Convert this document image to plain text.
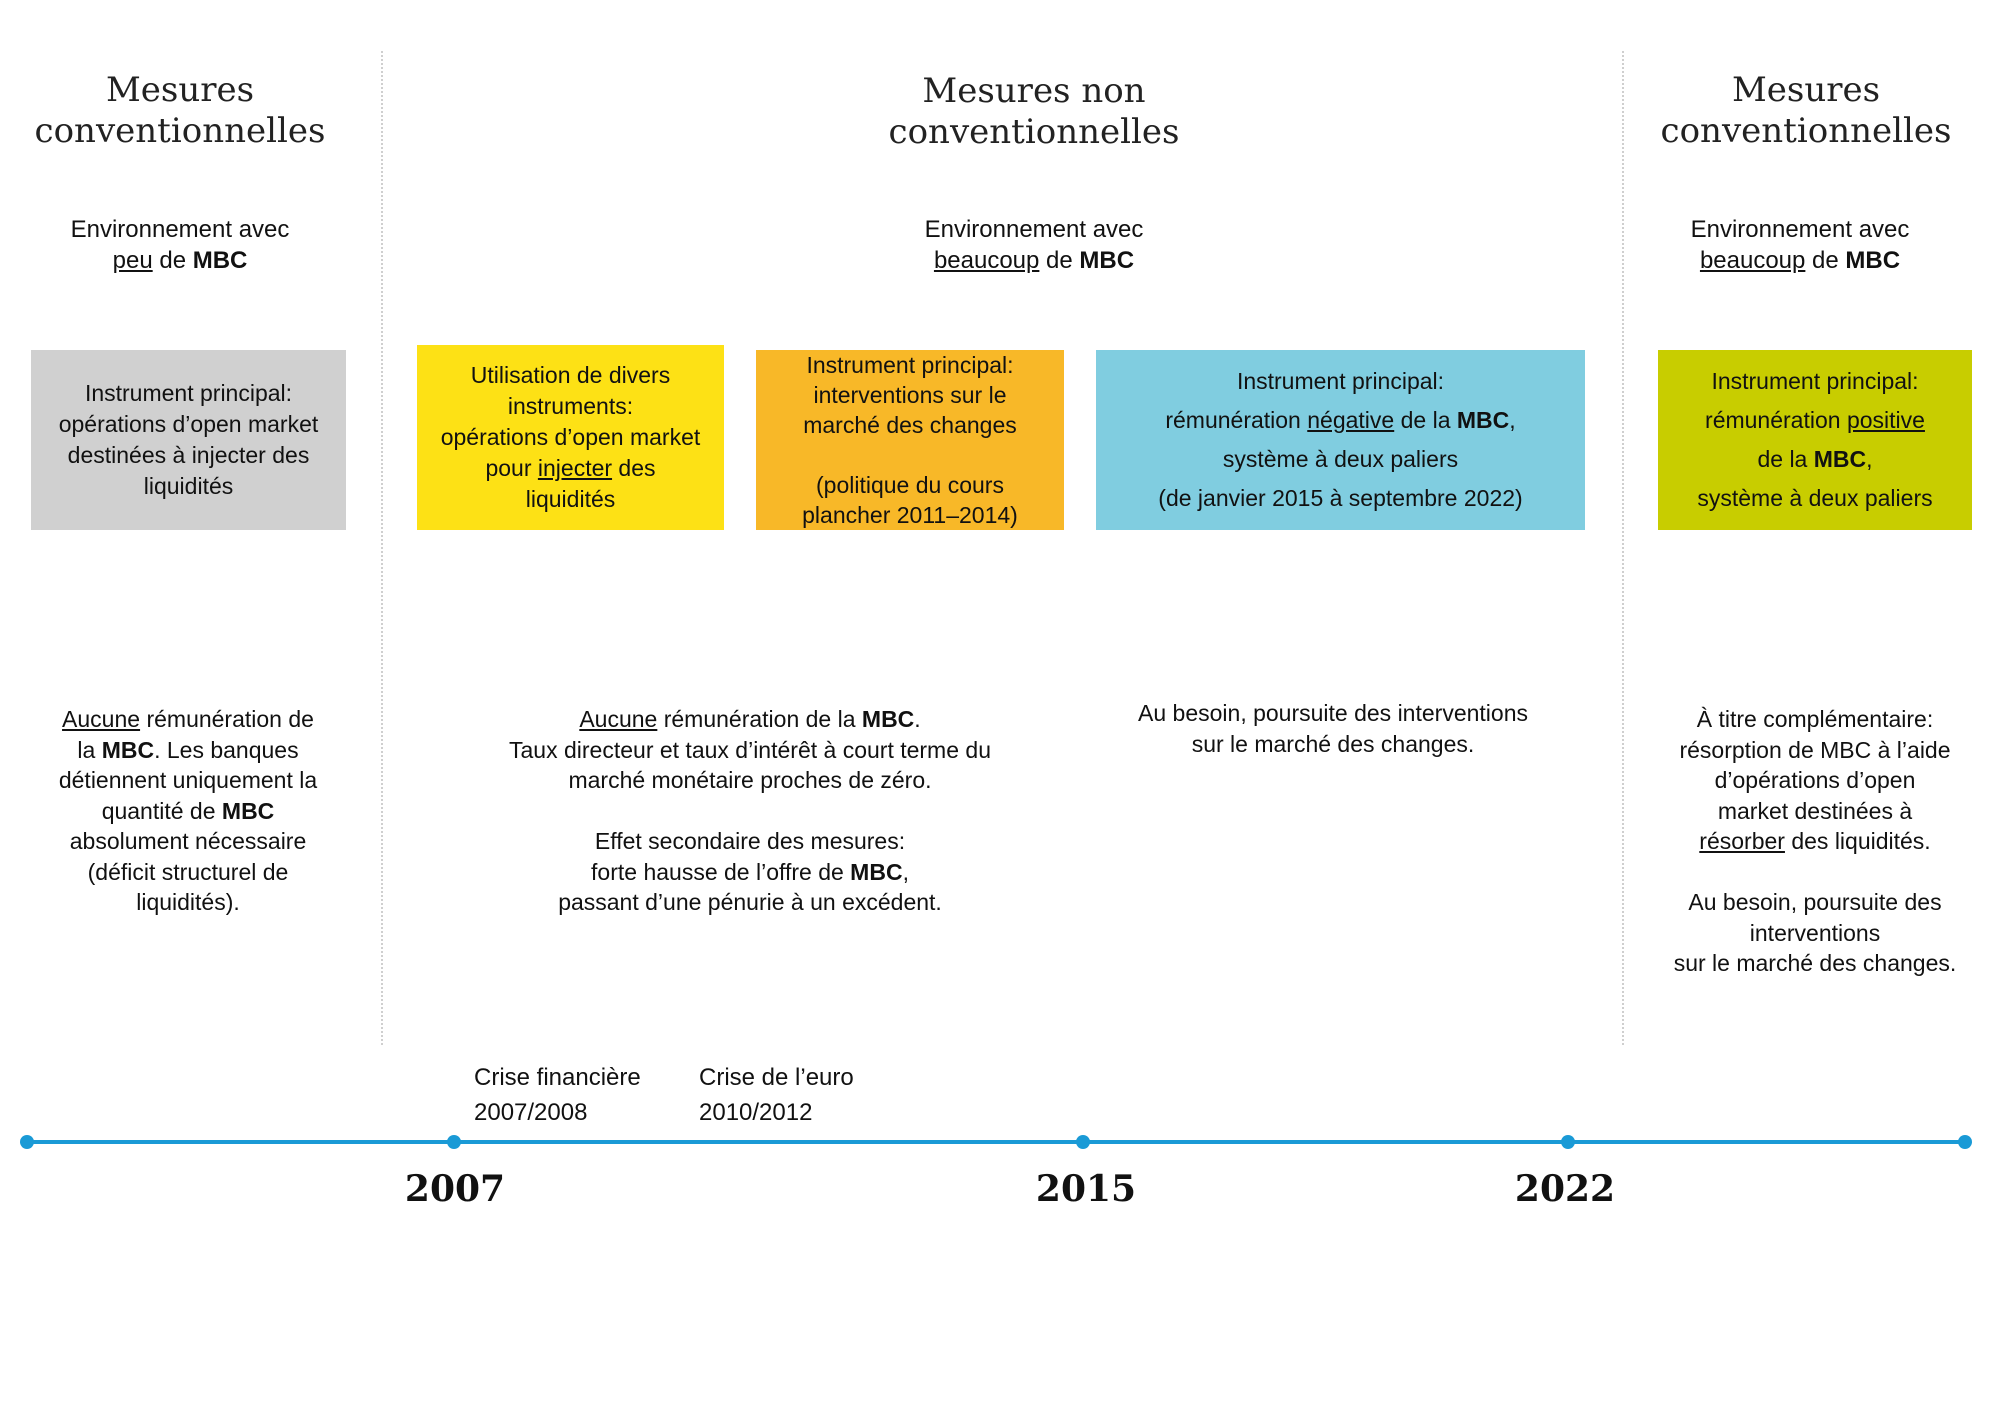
Mesures
conventionnelles
Mesures non
conventionnelles
Mesures
conventionnelles
Environnement avec
peu de MBC
Environnement avec
beaucoup de MBC
Environnement avec
beaucoup de MBC
Instrument principal:
opérations d’open market
destinées à injecter des
liquidités
Utilisation de divers
instruments:
opérations d’open market
pour injecter des
liquidités
Instrument principal:
interventions sur le
marché des changes

(politique du cours
plancher 2011–2014)
Instrument principal:
rémunération négative de la MBC,
système à deux paliers
(de janvier 2015 à septembre 2022)
Instrument principal:
rémunération positive
de la MBC,
système à deux paliers
Aucune rémunération de
la MBC. Les banques
détiennent uniquement la
quantité de MBC
absolument nécessaire
(déficit structurel de
liquidités).
Aucune rémunération de la MBC.
Taux directeur et taux d’intérêt à court terme du
marché monétaire proches de zéro.

Effet secondaire des mesures:
forte hausse de l’offre de MBC,
passant d’une pénurie à un excédent.
Au besoin, poursuite des interventions
sur le marché des changes.
À titre complémentaire:
résorption de MBC à l’aide
d’opérations d’open
market destinées à
résorber des liquidités.

Au besoin, poursuite des
interventions
sur le marché des changes.
Crise financière
2007/2008
Crise de l’euro
2010/2012
2007	2015	2022
